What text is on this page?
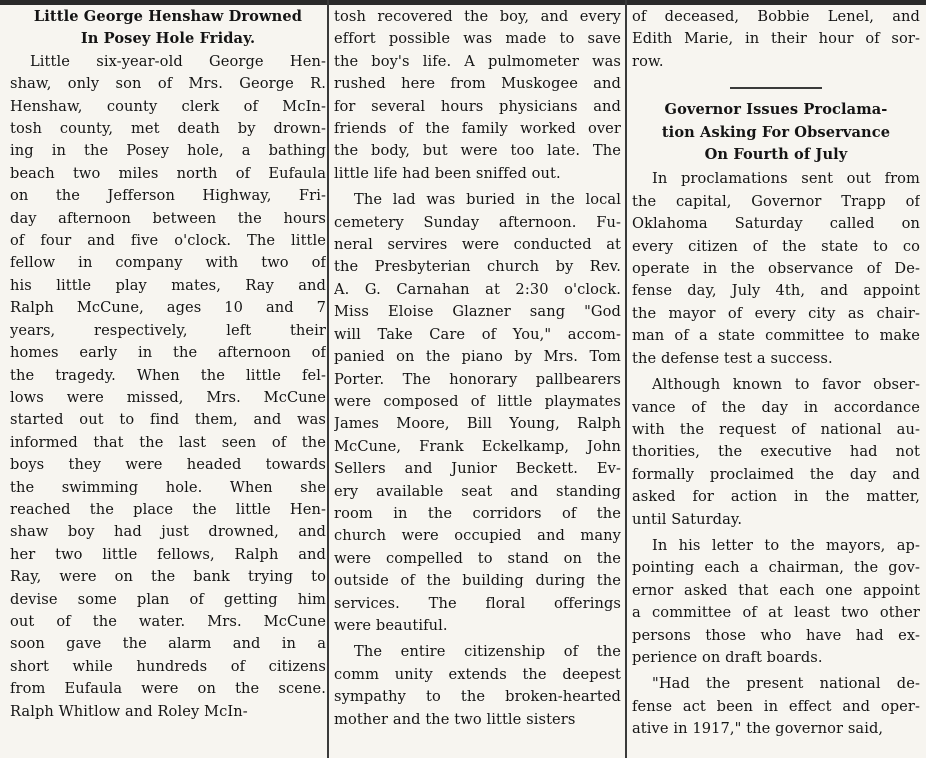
Little George Henshaw Drowned
In Posey Hole Friday.
Little six-year-old George Hen-
shaw, only son of Mrs. George R.
Henshaw, county clerk of McIn-
tosh county, met death by drown-
ing in the Posey hole, a bathing
beach two miles north of Eufaula
on the Jefferson Highway, Fri-
day afternoon between the hours
of four and five o'clock. The little
fellow in company with two of
his little play mates, Ray and
Ralph McCune, ages 10 and 7
years, respectively, left their
homes early in the afternoon of
the tragedy. When the little fel-
lows were missed, Mrs. McCune
started out to find them, and was
informed that the last seen of the
boys they were headed towards
the swimming hole. When she
reached the place the little Hen-
shaw boy had just drowned, and
her two little fellows, Ralph and
Ray, were on the bank trying to
devise some plan of getting him
out of the water. Mrs. McCune
soon gave the alarm and in a
short while hundreds of citizens
from Eufaula were on the scene.
Ralph Whitlow and Roley McIn-
tosh recovered the boy, and every
effort possible was made to save
the boy's life. A pulmometer was
rushed here from Muskogee and
for several hours physicians and
friends of the family worked over
the body, but were too late. The
little life had been sniffed out.
The lad was buried in the local
cemetery Sunday afternoon. Fu-
neral servires were conducted at
the Presbyterian church by Rev.
A. G. Carnahan at 2:30 o'clock.
Miss Eloise Glazner sang "God
will Take Care of You," accom-
panied on the piano by Mrs. Tom
Porter. The honorary pallbearers
were composed of little playmates
James Moore, Bill Young, Ralph
McCune, Frank Eckelkamp, John
Sellers and Junior Beckett. Ev-
ery available seat and standing
room in the corridors of the
church were occupied and many
were compelled to stand on the
outside of the building during the
services. The floral offerings
were beautiful.
The entire citizenship of the
comm unity extends the deepest
sympathy to the broken-hearted
mother and the two little sisters
of deceased, Bobbie Lenel, and
Edith Marie, in their hour of sor-
row.
Governor Issues Proclama-
tion Asking For Observance
On Fourth of July
In proclamations sent out from
the capital, Governor Trapp of
Oklahoma Saturday called on
every citizen of the state to co
operate in the observance of De-
fense day, July 4th, and appoint
the mayor of every city as chair-
man of a state committee to make
the defense test a success.
Although known to favor obser-
vance of the day in accordance
with the request of national au-
thorities, the executive had not
formally proclaimed the day and
asked for action in the matter,
until Saturday.
In his letter to the mayors, ap-
pointing each a chairman, the gov-
ernor asked that each one appoint
a committee of at least two other
persons those who have had ex-
perience on draft boards.
"Had the present national de-
fense act been in effect and oper-
ative in 1917," the governor said,
